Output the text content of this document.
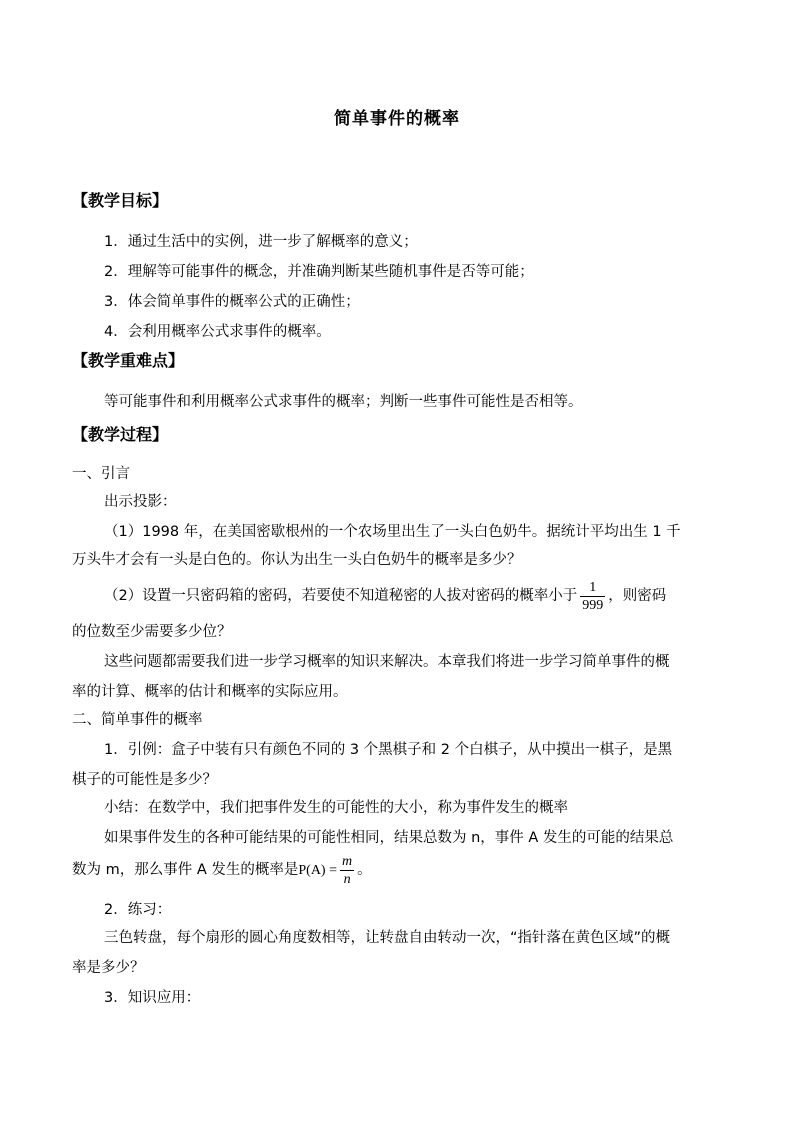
简单事件的概率
【教学目标】
1．通过生活中的实例，进一步了解概率的意义；
2．理解等可能事件的概念，并准确判断某些随机事件是否等可能；
3．体会简单事件的概率公式的正确性；
4．会利用概率公式求事件的概率。
【教学重难点】
等可能事件和利用概率公式求事件的概率；判断一些事件可能性是否相等。
【教学过程】
一、引言
出示投影：
（1）1998 年，在美国密歇根州的一个农场里出生了一头白色奶牛。据统计平均出生 1 千
万头牛才会有一头是白色的。你认为出生一头白色奶牛的概率是多少？
（2）设置一只密码箱的密码，若要使不知道秘密的人拔对密码的概率小于 $\frac{1}{999}$ ，则密码
的位数至少需要多少位？
这些问题都需要我们进一步学习概率的知识来解决。本章我们将进一步学习简单事件的概
率的计算、概率的估计和概率的实际应用。
二、简单事件的概率
1．引例：盒子中装有只有颜色不同的 3 个黑棋子和 2 个白棋子，从中摸出一棋子，是黑
棋子的可能性是多少？
小结：在数学中，我们把事件发生的可能性的大小，称为事件发生的概率
如果事件发生的各种可能结果的可能性相同，结果总数为 n，事件 A 发生的可能的结果总
数为 m，那么事件 A 发生的概率是$P(A) = \frac{m}{n}$ 。
2．练习：
三色转盘，每个扇形的圆心角度数相等，让转盘自由转动一次，“指针落在黄色区域”的概
率是多少？
3．知识应用：
